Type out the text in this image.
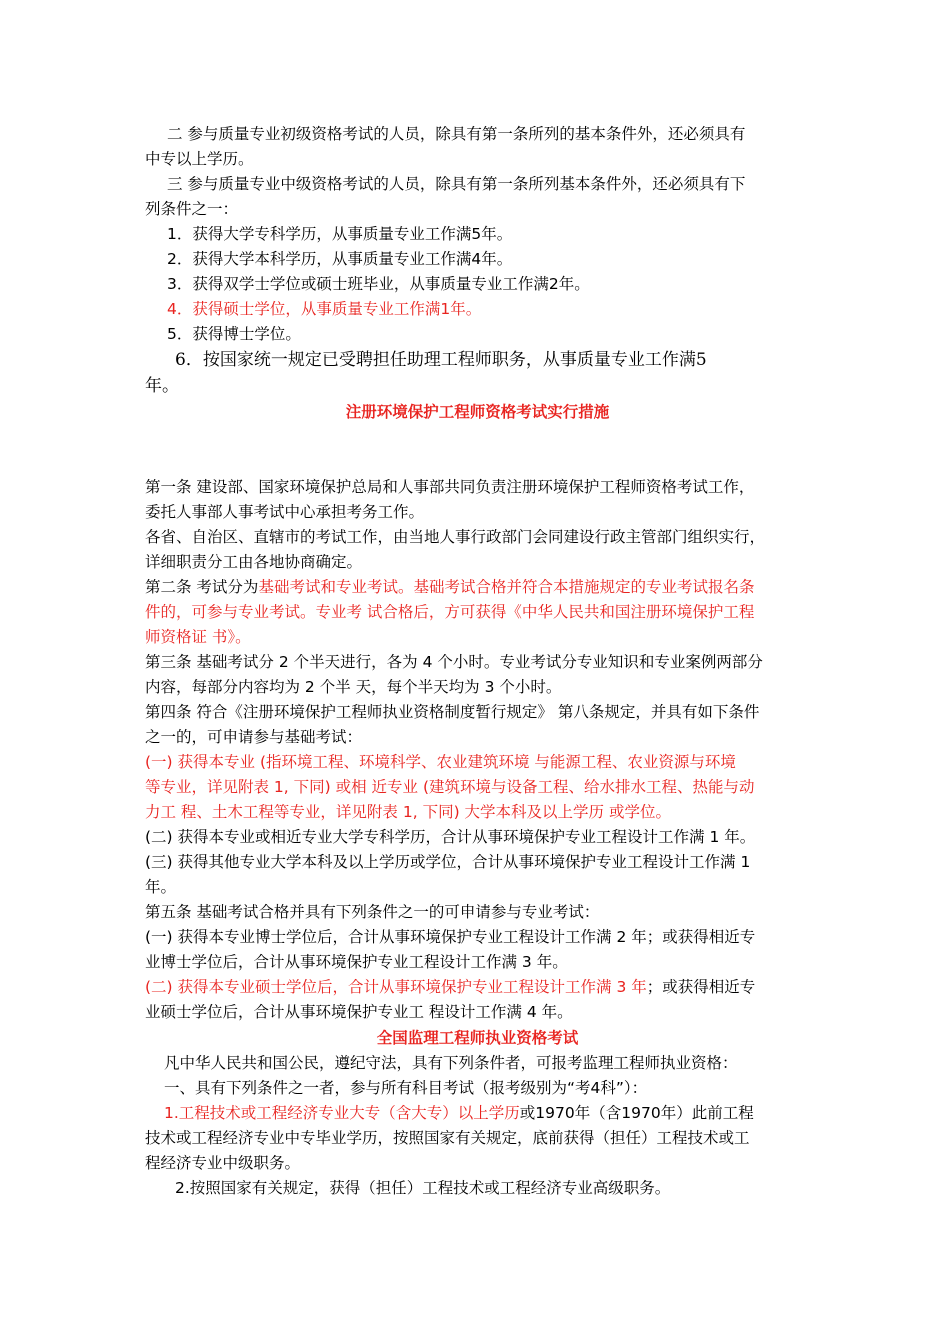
二 参与质量专业初级资格考试的人员，除具有第一条所列的基本条件外，还必须具有
中专以上学历。
三 参与质量专业中级资格考试的人员，除具有第一条所列基本条件外，还必须具有下
列条件之一：
1．获得大学专科学历，从事质量专业工作满5年。
2．获得大学本科学历，从事质量专业工作满4年。
3．获得双学士学位或硕士班毕业，从事质量专业工作满2年。
4．获得硕士学位，从事质量专业工作满1年。
5．获得博士学位。
6．按国家统一规定已受聘担任助理工程师职务，从事质量专业工作满5
年。
注册环境保护工程师资格考试实行措施
第一条 建设部、国家环境保护总局和人事部共同负责注册环境保护工程师资格考试工作，
委托人事部人事考试中心承担考务工作。
各省、自治区、直辖市的考试工作，由当地人事行政部门会同建设行政主管部门组织实行，
详细职责分工由各地协商确定。
第二条 考试分为基础考试和专业考试。基础考试合格并符合本措施规定的专业考试报名条
件的，可参与专业考试。专业考 试合格后，方可获得《中华人民共和国注册环境保护工程
师资格证 书》。
第三条 基础考试分 2 个半天进行，各为 4 个小时。专业考试分专业知识和专业案例两部分
内容，每部分内容均为 2 个半 天，每个半天均为 3 个小时。
第四条 符合《注册环境保护工程师执业资格制度暂行规定》 第八条规定，并具有如下条件
之一的，可申请参与基础考试：
(一) 获得本专业 (指环境工程、环境科学、农业建筑环境 与能源工程、农业资源与环境
等专业，详见附表 1, 下同) 或相 近专业 (建筑环境与设备工程、给水排水工程、热能与动
力工 程、土木工程等专业，详见附表 1, 下同) 大学本科及以上学历 或学位。
(二) 获得本专业或相近专业大学专科学历，合计从事环境保护专业工程设计工作满 1 年。
(三) 获得其他专业大学本科及以上学历或学位，合计从事环境保护专业工程设计工作满 1
年。
第五条 基础考试合格并具有下列条件之一的可申请参与专业考试：
(一) 获得本专业博士学位后，合计从事环境保护专业工程设计工作满 2 年；或获得相近专
业博士学位后，合计从事环境保护专业工程设计工作满 3 年。
(二) 获得本专业硕士学位后，合计从事环境保护专业工程设计工作满 3 年；或获得相近专
业硕士学位后，合计从事环境保护专业工 程设计工作满 4 年。
全国监理工程师执业资格考试
凡中华人民共和国公民，遵纪守法，具有下列条件者，可报考监理工程师执业资格：
一、具有下列条件之一者，参与所有科目考试（报考级别为“考4科”）：
1.工程技术或工程经济专业大专（含大专）以上学历或1970年（含1970年）此前工程
技术或工程经济专业中专毕业学历，按照国家有关规定，底前获得（担任）工程技术或工
程经济专业中级职务。
2.按照国家有关规定，获得（担任）工程技术或工程经济专业高级职务。
